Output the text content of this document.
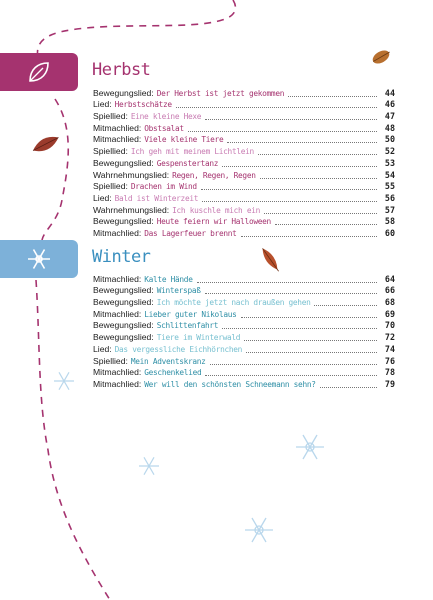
Herbst
Winter
Bewegungslied: Der Herbst ist jetzt gekommen	44
Lied: Herbstschätze	46
Spiellied: Eine kleine Hexe	47
Mitmachlied: Obstsalat	48
Mitmachlied: Viele kleine Tiere	50
Spiellied: Ich geh mit meinem Lichtlein	52
Bewegungslied: Gespenstertanz	53
Wahrnehmungslied: Regen, Regen, Regen	54
Spiellied: Drachen im Wind	55
Lied: Bald ist Winterzeit	56
Wahrnehmungslied: Ich kuschle mich ein	57
Bewegungslied: Heute feiern wir Halloween	58
Mitmachlied: Das Lagerfeuer brennt	60
Mitmachlied: Kalte Hände	64
Bewegungslied: Winterspaß	66
Bewegungslied: Ich möchte jetzt nach draußen gehen	68
Mitmachlied: Lieber guter Nikolaus	69
Bewegungslied: Schlittenfahrt	70
Bewegungslied: Tiere im Winterwald	72
Lied: Das vergessliche Eichhörnchen	74
Spiellied: Mein Adventskranz	76
Mitmachlied: Geschenkelied	78
Mitmachlied: Wer will den schönsten Schneemann sehn?	79
